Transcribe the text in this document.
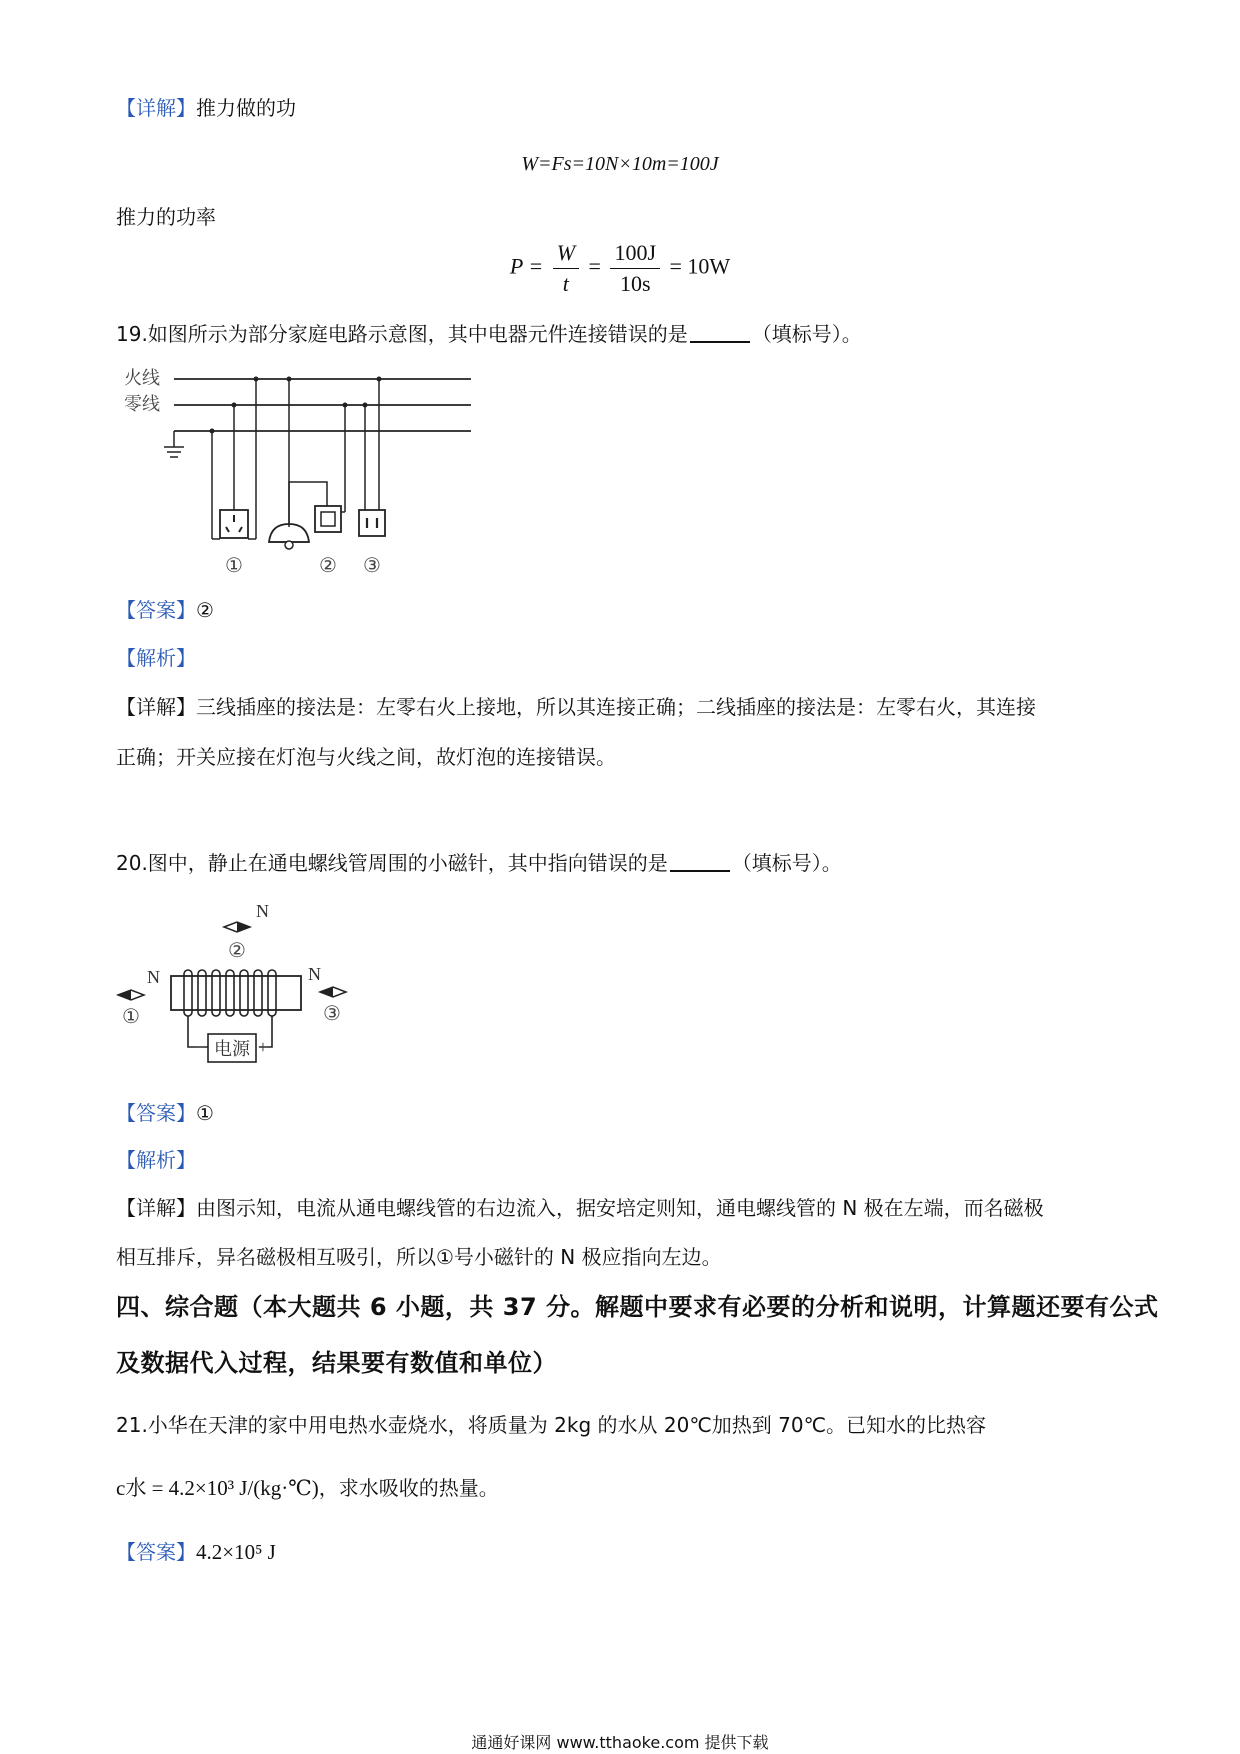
【详解】推力做的功
W=Fs=10N×10m=100J
推力的功率
$P = \frac{W}{t} = \frac{100J}{10s} = 10W$
19.如图所示为部分家庭电路示意图，其中电器元件连接错误的是	（填标号）。
火线
零线
①	② ③
【答案】②
【解析】
【详解】三线插座的接法是：左零右火上接地，所以其连接正确；二线插座的接法是：左零右火，其连接
正确；开关应接在灯泡与火线之间，故灯泡的连接错误。
20.图中，静止在通电螺线管周围的小磁针，其中指向错误的是	（填标号）。
N
②
N
①
−	+
电源
N
③
【答案】①
【解析】
【详解】由图示知，电流从通电螺线管的右边流入，据安培定则知，通电螺线管的 N 极在左端，而名磁极
相互排斥，异名磁极相互吸引，所以①号小磁针的 N 极应指向左边。
四、综合题（本大题共 6 小题，共 37 分。解题中要求有必要的分析和说明，计算题还要有公式
及数据代入过程，结果要有数值和单位）
21.小华在天津的家中用电热水壶烧水，将质量为 2kg 的水从 20℃加热到 70℃。已知水的比热容
c水 = 4.2×10³ J/(kg·℃)，求水吸收的热量。
【答案】4.2×10⁵ J
通通好课网 www.tthaoke.com 提供下载
